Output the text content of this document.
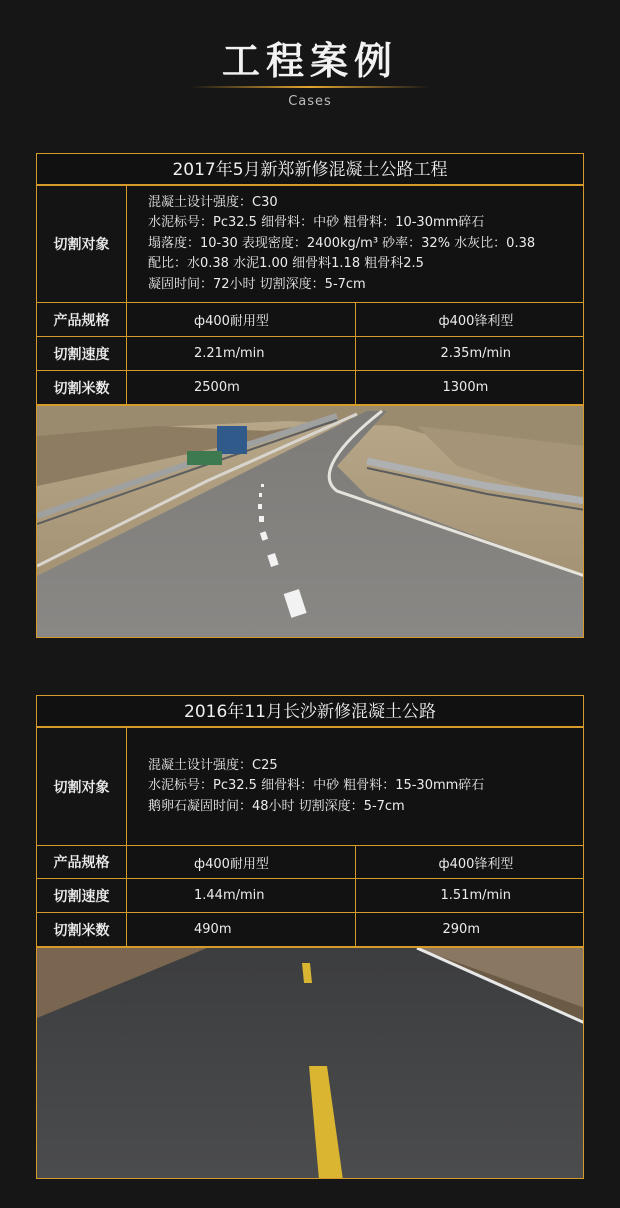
工程案例
Cases
2017年5月新郑新修混凝土公路工程
切割对象	混凝土设计强度：C30
水泥标号：Pc32.5 细骨料：中砂 粗骨料：10-30mm碎石
塌落度：10-30 表现密度：2400kg/m³ 砂率：32% 水灰比：0.38
配比：水0.38 水泥1.00 细骨料1.18 粗骨科2.5
凝固时间：72小时 切割深度：5-7cm	

产品规格	ф400耐用型	ф400锋利型
切割速度	2.21m/min	2.35m/min
切割米数	2500m	1300m
2016年11月长沙新修混凝土公路
切割对象	混凝土设计强度：C25
水泥标号：Pc32.5 细骨料：中砂 粗骨料：15-30mm碎石
鹅卵石凝固时间：48小时 切割深度：5-7cm	

产品规格	ф400耐用型	ф400锋利型
切割速度	1.44m/min	1.51m/min
切割米数	490m	290m
